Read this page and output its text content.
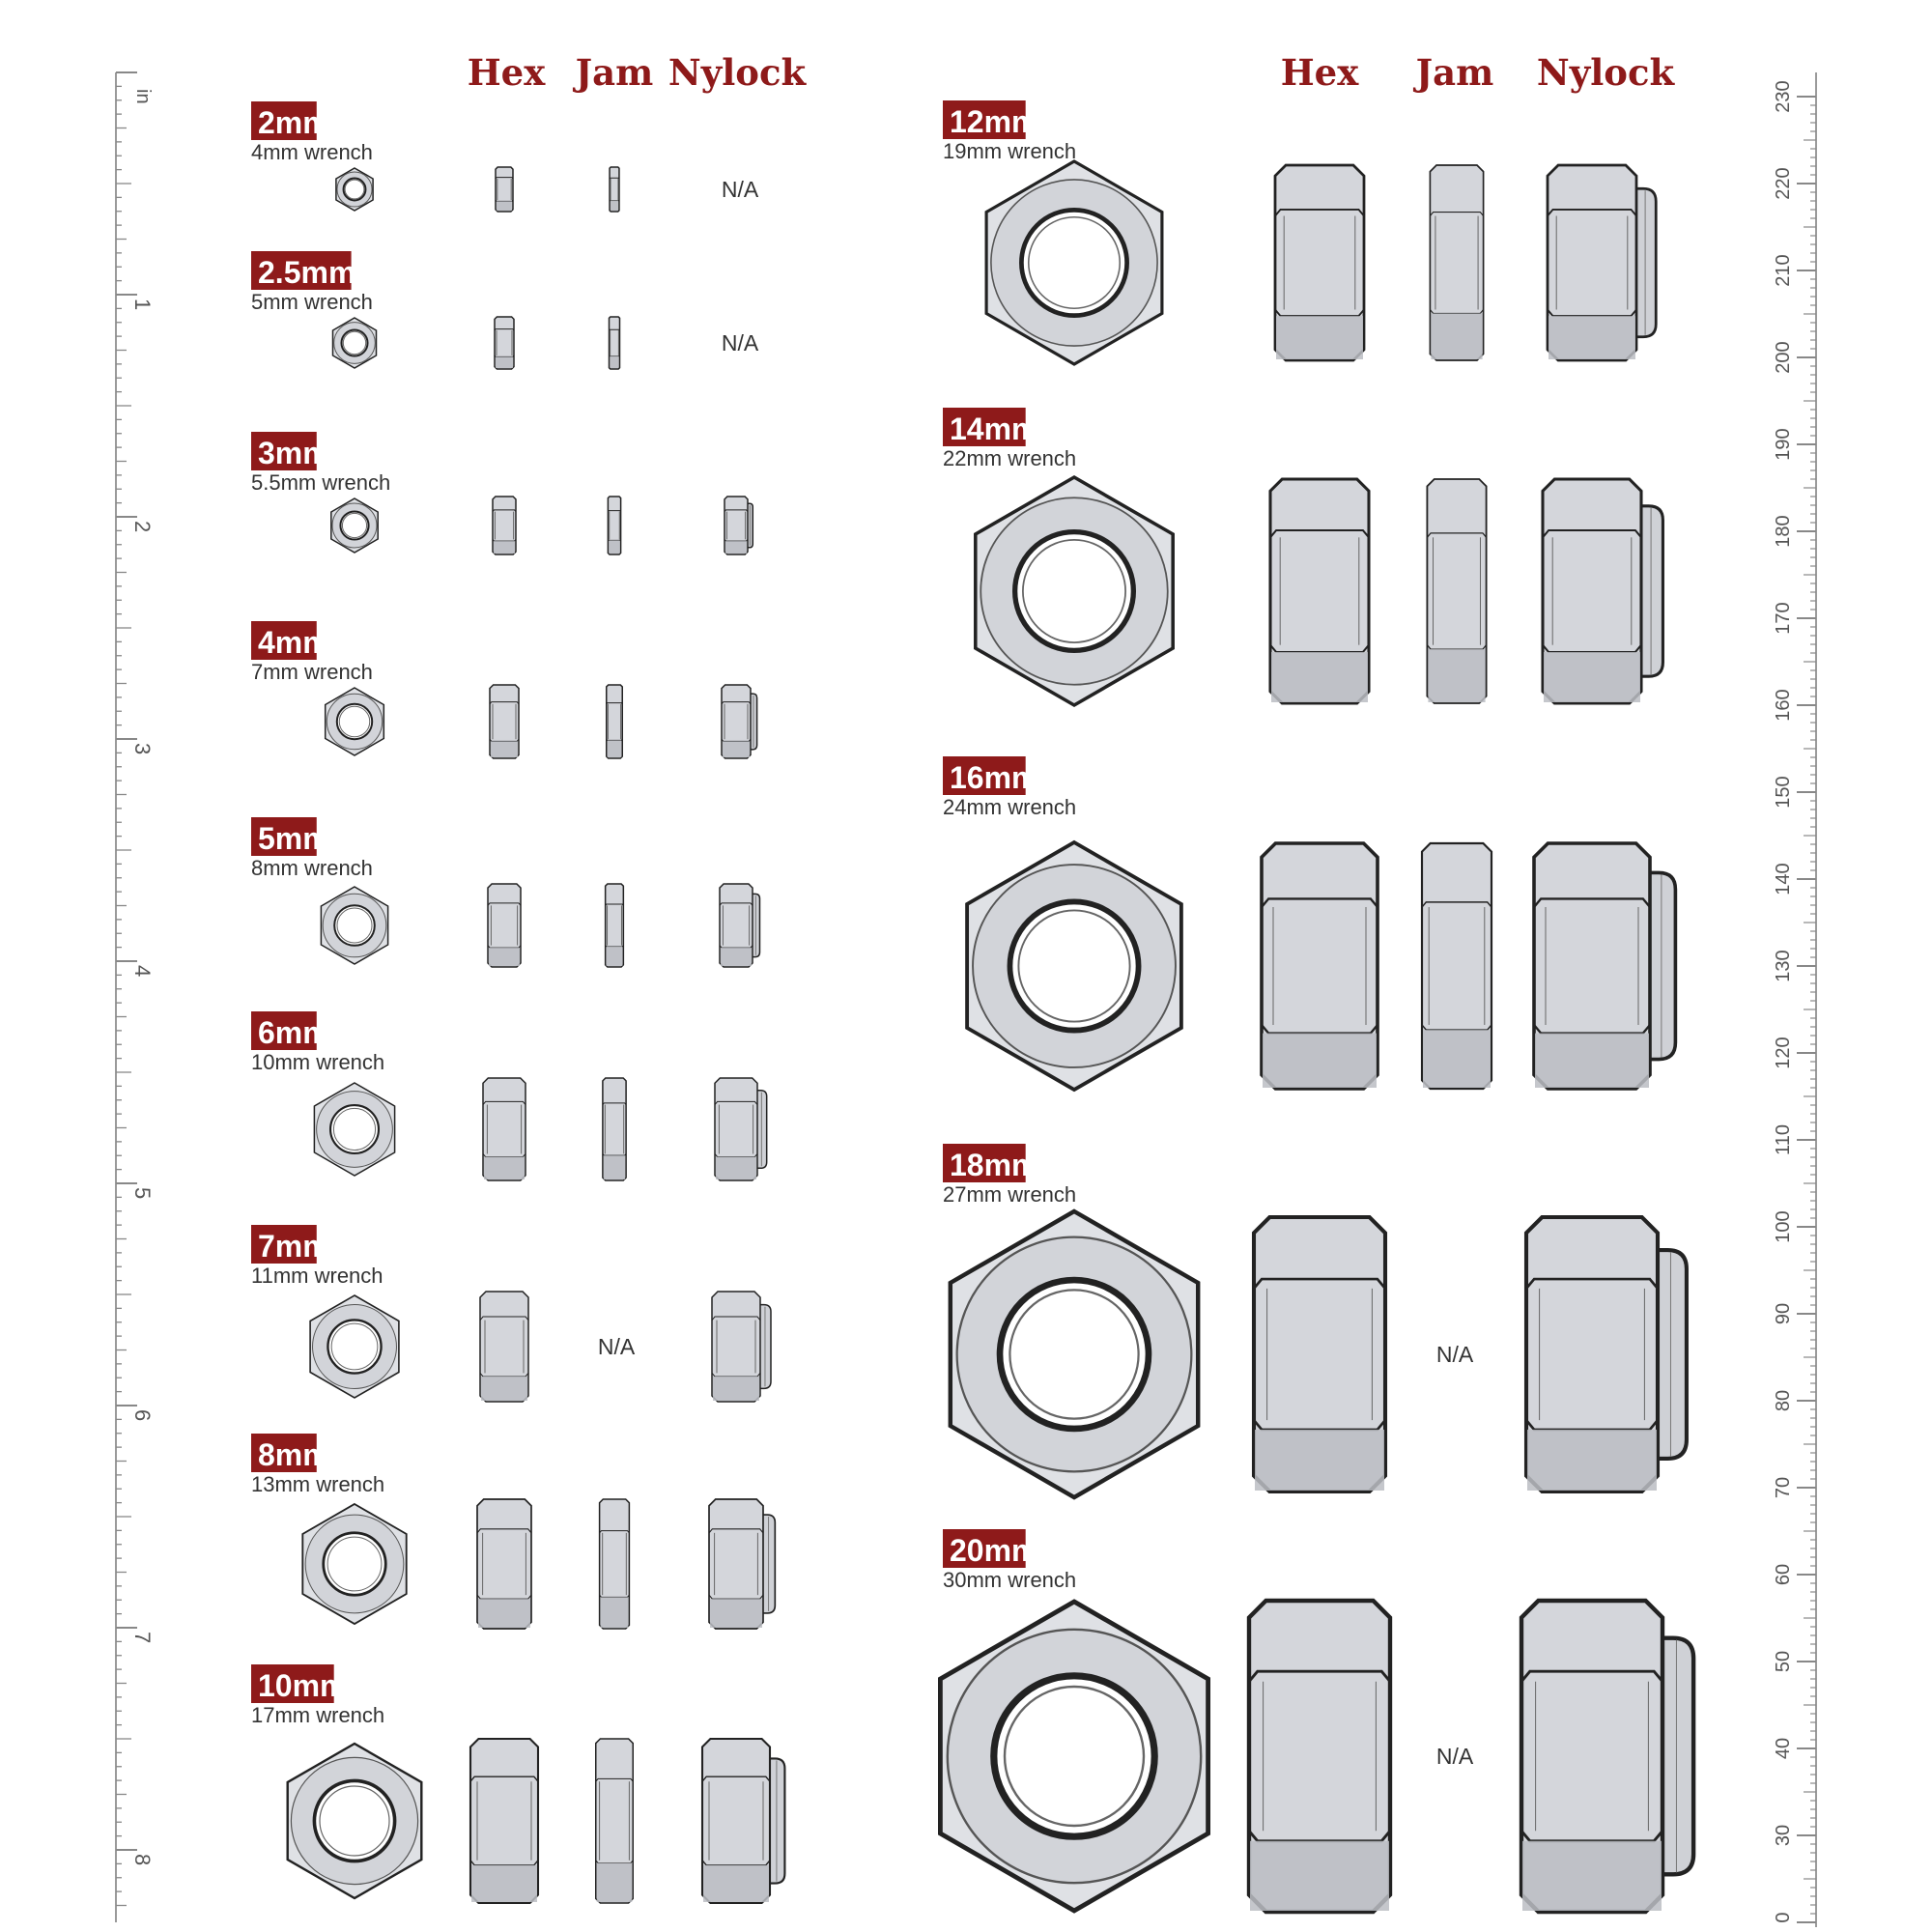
in
1
2
3
4
5
6
7
8
230
220
210
200
190
180
170
160
150
140
130
120
110
100
90
80
70
60
50
40
30
0
Hex Jam Nylock	Hex Jam Nylock
2mm
4mm wrench
N/A
2.5mm
5mm wrench
N/A
3mm
5.5mm wrench
4mm
7mm wrench
5mm
8mm wrench
6mm
10mm wrench
7mm
11mm wrench
N/A
8mm
13mm wrench
10mm
17mm wrench
12mm
19mm wrench
14mm
22mm wrench
16mm
24mm wrench
18mm
27mm wrench
N/A
20mm
30mm wrench
N/A
